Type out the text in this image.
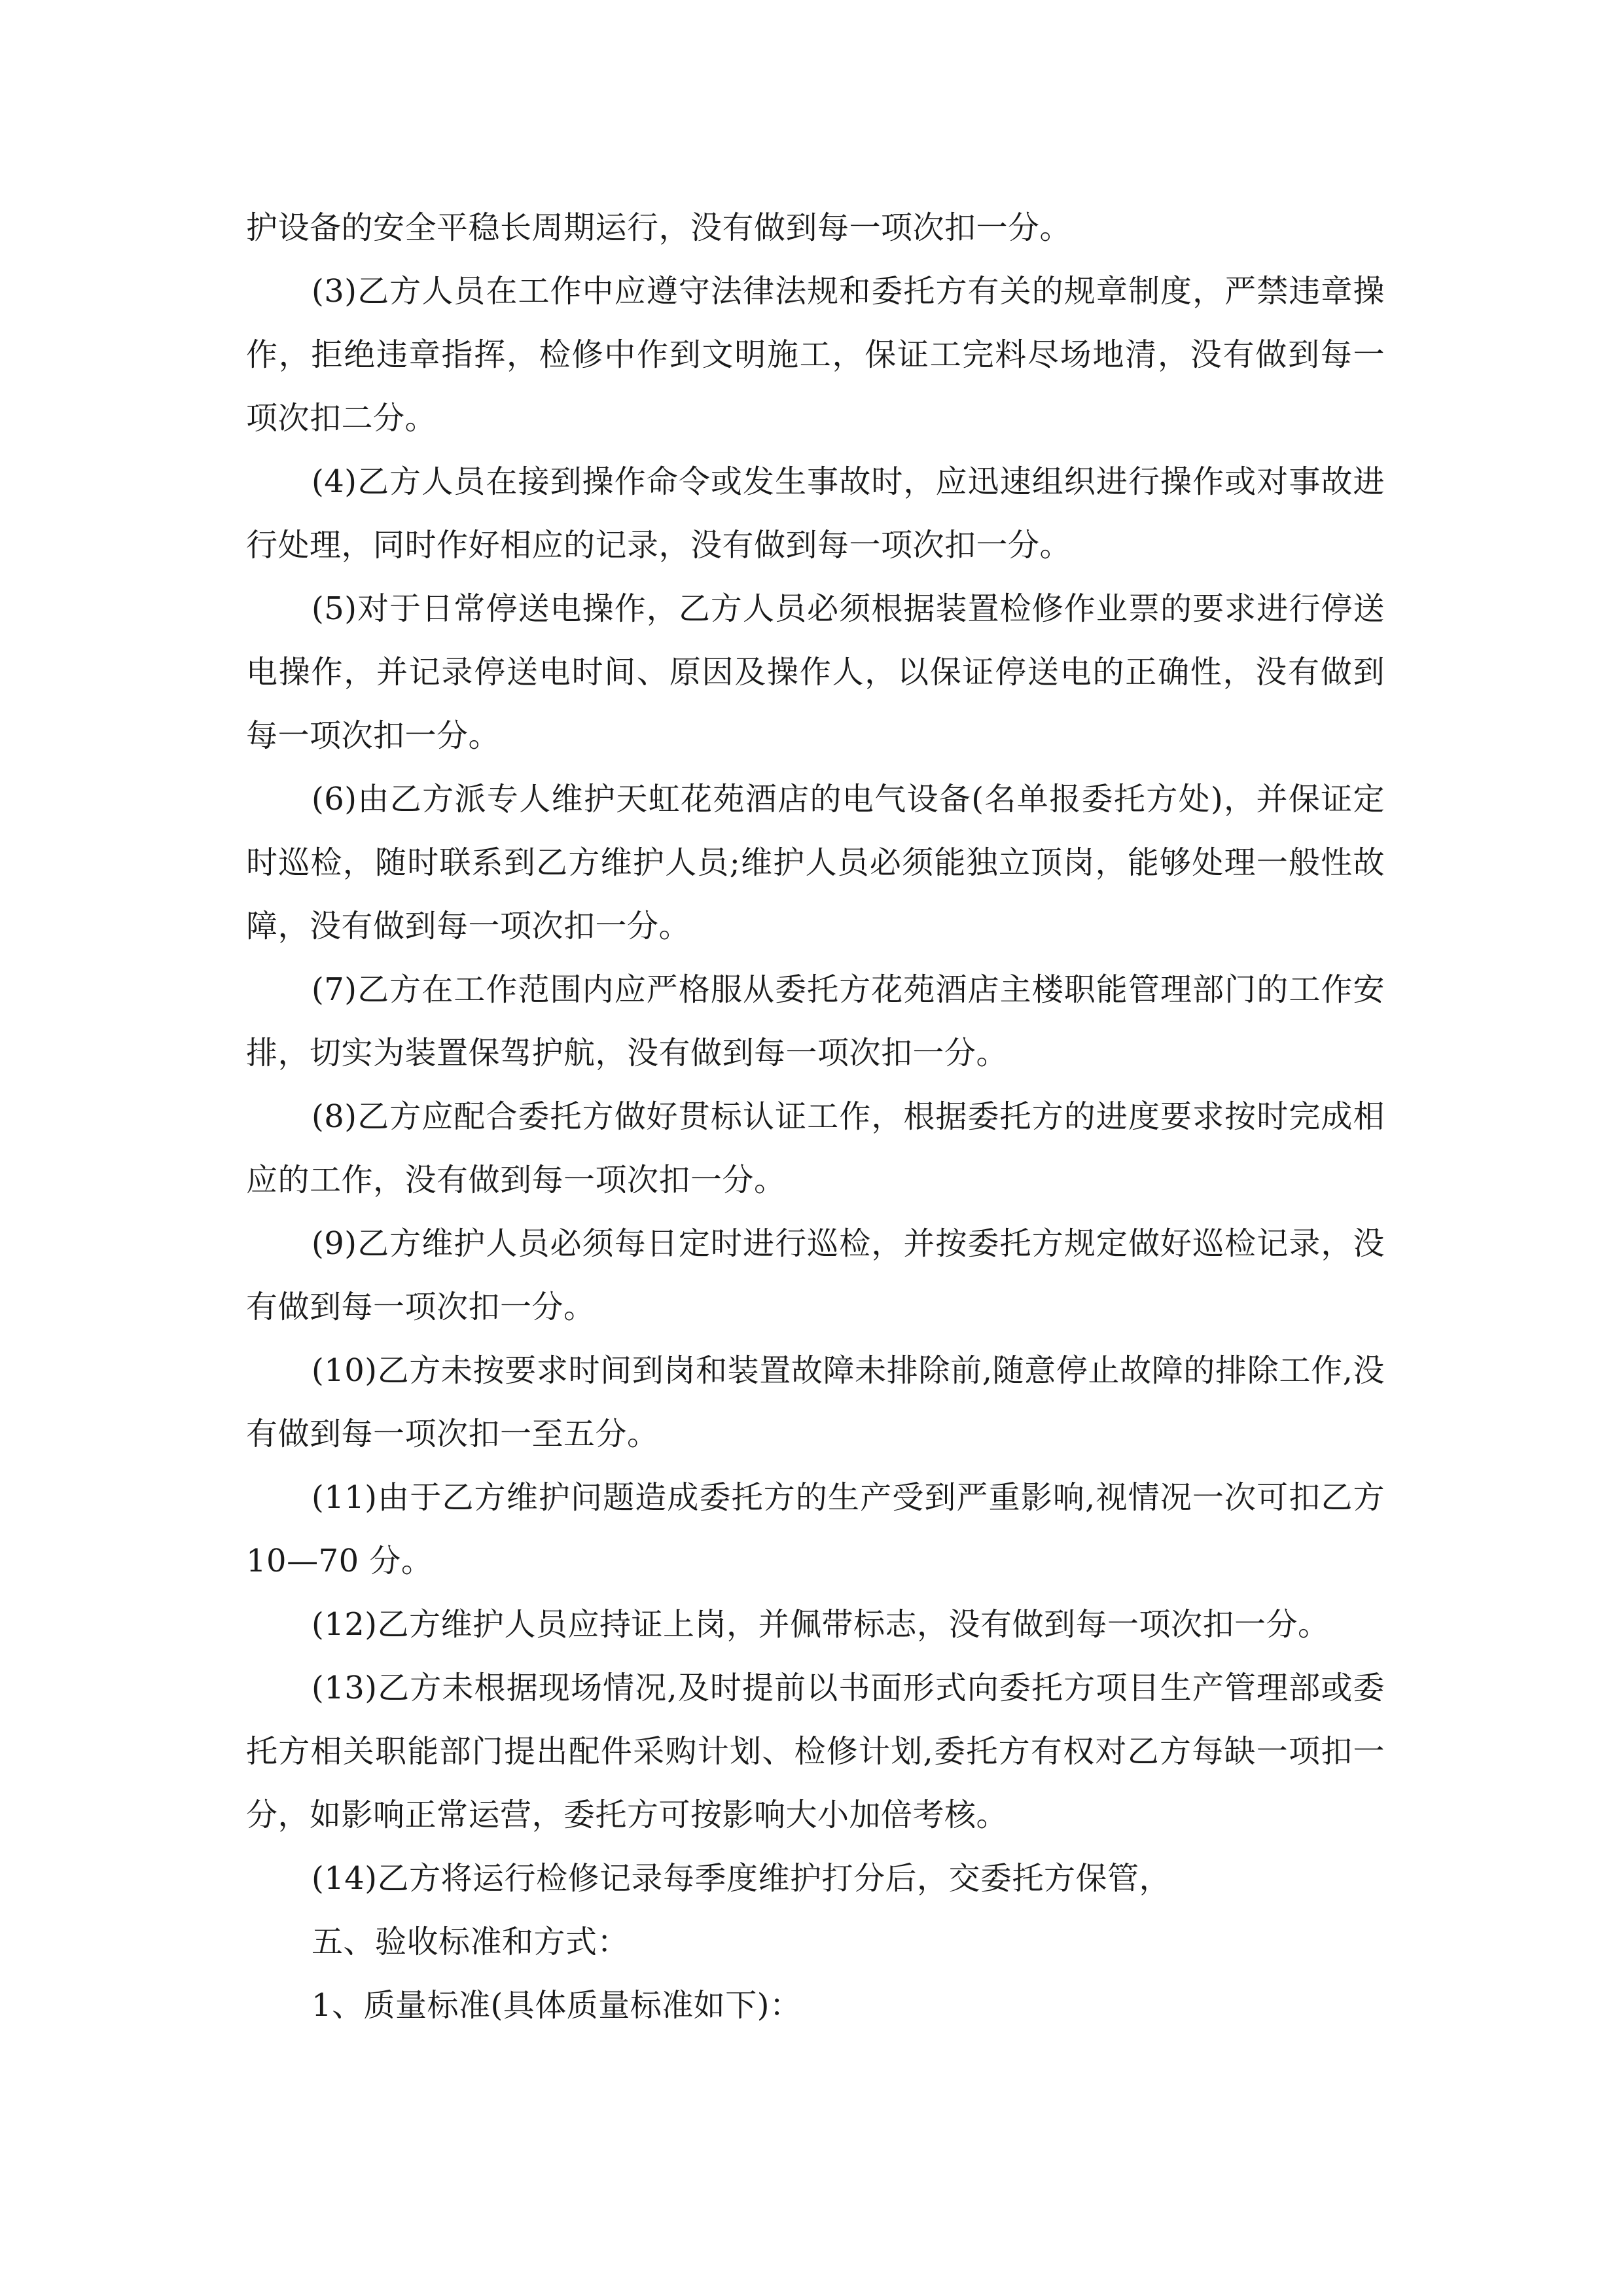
护设备的安全平稳长周期运行，没有做到每一项次扣一分。

(3)乙方人员在工作中应遵守法律法规和委托方有关的规章制度，严禁违章操作，拒绝违章指挥，检修中作到文明施工，保证工完料尽场地清，没有做到每一项次扣二分。

(4)乙方人员在接到操作命令或发生事故时，应迅速组织进行操作或对事故进行处理，同时作好相应的记录，没有做到每一项次扣一分。

(5)对于日常停送电操作，乙方人员必须根据装置检修作业票的要求进行停送电操作，并记录停送电时间、原因及操作人，以保证停送电的正确性，没有做到每一项次扣一分。

(6)由乙方派专人维护天虹花苑酒店的电气设备(名单报委托方处)，并保证定时巡检，随时联系到乙方维护人员;维护人员必须能独立顶岗，能够处理一般性故障，没有做到每一项次扣一分。

(7)乙方在工作范围内应严格服从委托方花苑酒店主楼职能管理部门的工作安排，切实为装置保驾护航，没有做到每一项次扣一分。

(8)乙方应配合委托方做好贯标认证工作，根据委托方的进度要求按时完成相应的工作，没有做到每一项次扣一分。

(9)乙方维护人员必须每日定时进行巡检，并按委托方规定做好巡检记录，没有做到每一项次扣一分。

(10)乙方未按要求时间到岗和装置故障未排除前,随意停止故障的排除工作,没有做到每一项次扣一至五分。

(11)由于乙方维护问题造成委托方的生产受到严重影响,视情况一次可扣乙方 10—70 分。

(12)乙方维护人员应持证上岗，并佩带标志，没有做到每一项次扣一分。

(13)乙方未根据现场情况,及时提前以书面形式向委托方项目生产管理部或委托方相关职能部门提出配件采购计划、检修计划,委托方有权对乙方每缺一项扣一分，如影响正常运营，委托方可按影响大小加倍考核。

(14)乙方将运行检修记录每季度维护打分后，交委托方保管，

五、验收标准和方式：

1、质量标准(具体质量标准如下)：
